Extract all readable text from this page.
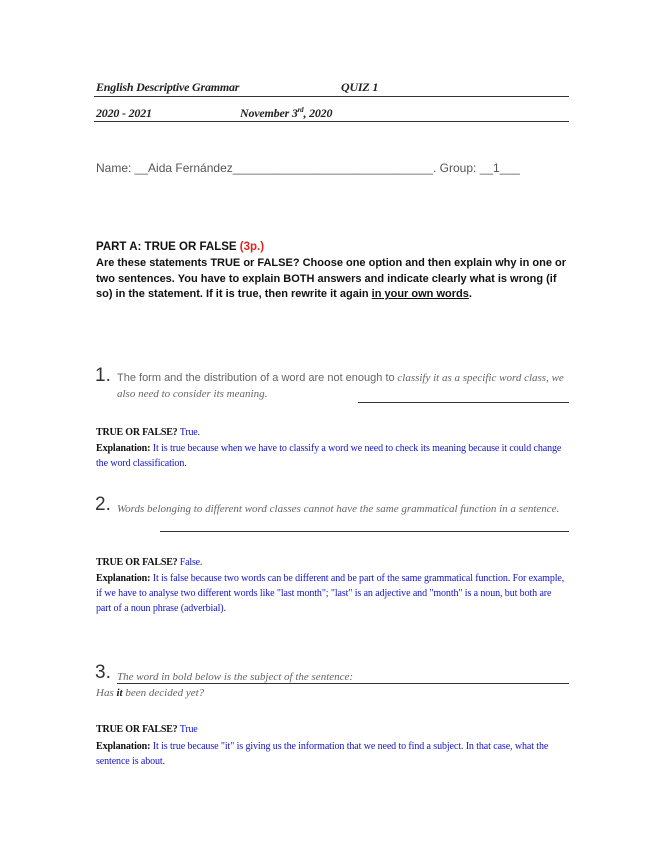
English Descriptive Grammar	QUIZ 1
2020 - 2021	November 3rd, 2020
Name: __Aida Fernández______________________________. Group: __1___
PART A: TRUE OR FALSE (3p.)
Are these statements TRUE or FALSE? Choose one option and then explain why in one or two sentences. You have to explain BOTH answers and indicate clearly what is wrong (if so) in the statement. If it is true, then rewrite it again in your own words.
1. The form and the distribution of a word are not enough to classify it as a specific word class, we also need to consider its meaning.
TRUE OR FALSE? True.
Explanation: It is true because when we have to classify a word we need to check its meaning because it could change the word classification.
2. Words belonging to different word classes cannot have the same grammatical function in a sentence.
TRUE OR FALSE? False.
Explanation: It is false because two words can be different and be part of the same grammatical function. For example, if we have to analyse two different words like "last month"; "last" is an adjective and "month" is a noun, but both are part of a noun phrase (adverbial).
3. The word in bold below is the subject of the sentence:
Has it been decided yet?
TRUE OR FALSE? True
Explanation: It is true because "it" is giving us the information that we need to find a subject. In that case, what the sentence is about.
